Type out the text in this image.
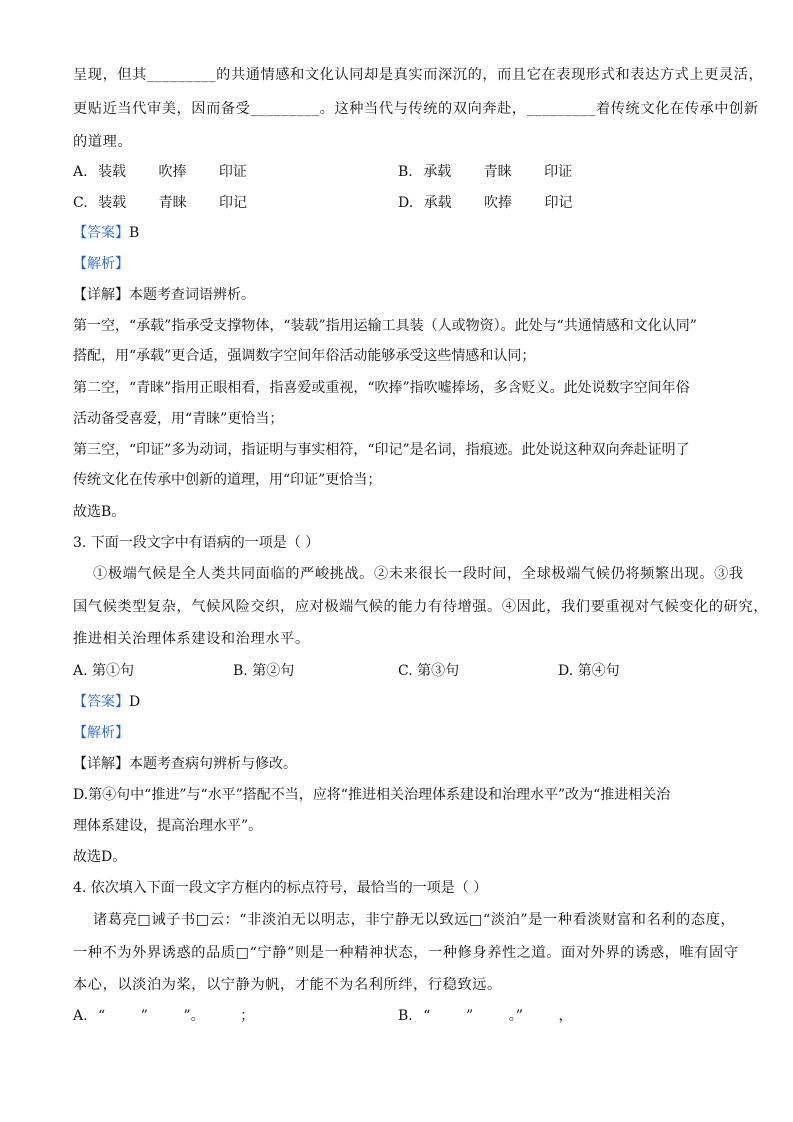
呈现，但其_________的共通情感和文化认同却是真实而深沉的，而且它在表现形式和表达方式上更灵活，
更贴近当代审美，因而备受_________。这种当代与传统的双向奔赴，_________着传统文化在传承中创新
的道理。
A. 装载 吹捧 印证	B. 承载 青睐 印证
C. 装载 青睐 印记	D. 承载 吹捧 印记
【答案】B
【解析】
【详解】本题考查词语辨析。
第一空，“承载”指承受支撑物体，“装载”指用运输工具装（人或物资）。此处与“共通情感和文化认同”
搭配，用“承载”更合适，强调数字空间年俗活动能够承受这些情感和认同；
第二空，“青睐”指用正眼相看，指喜爱或重视，“吹捧”指吹嘘捧场，多含贬义。此处说数字空间年俗
活动备受喜爱，用“青睐”更恰当；
第三空，“印证”多为动词，指证明与事实相符，“印记”是名词，指痕迹。此处说这种双向奔赴证明了
传统文化在传承中创新的道理，用“印证”更恰当；
故选B。
3. 下面一段文字中有语病的一项是（ ）
①极端气候是全人类共同面临的严峻挑战。②未来很长一段时间，全球极端气候仍将频繁出现。③我
国气候类型复杂，气候风险交织，应对极端气候的能力有待增强。④因此，我们要重视对气候变化的研究，
推进相关治理体系建设和治理水平。
A. 第①句	B. 第②句	C. 第③句	D. 第④句
【答案】D
【解析】
【详解】本题考查病句辨析与修改。
D.第④句中“推进”与“水平”搭配不当，应将“推进相关治理体系建设和治理水平”改为“推进相关治
理体系建设，提高治理水平”。
故选D。
4. 依次填入下面一段文字方框内的标点符号，最恰当的一项是（ ）
诸葛亮□诫子书□云：“非淡泊无以明志，非宁静无以致远□“淡泊”是一种看淡财富和名利的态度，
一种不为外界诱惑的品质□“宁静”则是一种精神状态，一种修身养性之道。面对外界的诱惑，唯有固守
本心，以淡泊为桨，以宁静为帆，才能不为名利所绊，行稳致远。
A. “        ”        ”。        ；	B. “        ”        。”        ，
